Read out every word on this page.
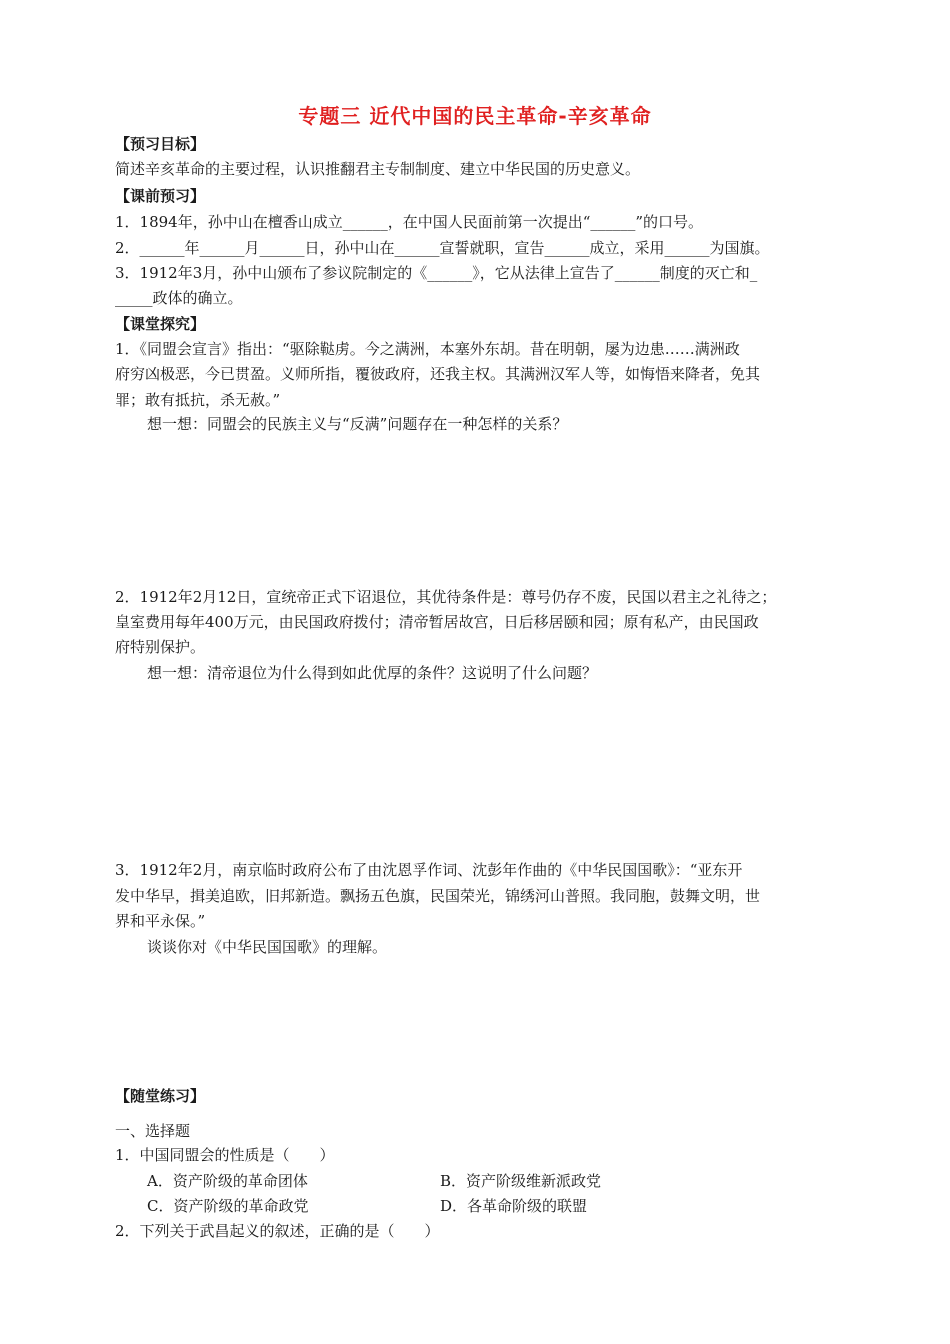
专题三 近代中国的民主革命-辛亥革命
【预习目标】
简述辛亥革命的主要过程，认识推翻君主专制制度、建立中华民国的历史意义。
【课前预习】
1．1894年，孙中山在檀香山成立______，在中国人民面前第一次提出“______”的口号。
2．______年______月______日，孙中山在______宣誓就职，宣告______成立，采用______为国旗。
3．1912年3月，孙中山颁布了参议院制定的《______》，它从法律上宣告了______制度的灭亡和_
_____政体的确立。
【课堂探究】
1．《同盟会宣言》指出：“驱除鞑虏。今之满洲，本塞外东胡。昔在明朝，屡为边患……满洲政
府穷凶极恶，今已贯盈。义师所指，覆彼政府，还我主权。其满洲汉军人等，如悔悟来降者，免其
罪；敢有抵抗，杀无赦。”
想一想：同盟会的民族主义与“反满”问题存在一种怎样的关系？
2．1912年2月12日，宣统帝正式下诏退位，其优待条件是：尊号仍存不废，民国以君主之礼待之；
皇室费用每年400万元，由民国政府拨付；清帝暂居故宫，日后移居颐和园；原有私产，由民国政
府特别保护。
想一想：清帝退位为什么得到如此优厚的条件？这说明了什么问题？
3．1912年2月，南京临时政府公布了由沈恩孚作词、沈彭年作曲的《中华民国国歌》：“亚东开
发中华早，揖美追欧，旧邦新造。飘扬五色旗，民国荣光，锦绣河山普照。我同胞，鼓舞文明，世
界和平永保。”
谈谈你对《中华民国国歌》的理解。
【随堂练习】
一、选择题
1．中国同盟会的性质是（　　）
A．资产阶级的革命团体	B．资产阶级维新派政党
C．资产阶级的革命政党	D．各革命阶级的联盟
2．下列关于武昌起义的叙述，正确的是（　　）
